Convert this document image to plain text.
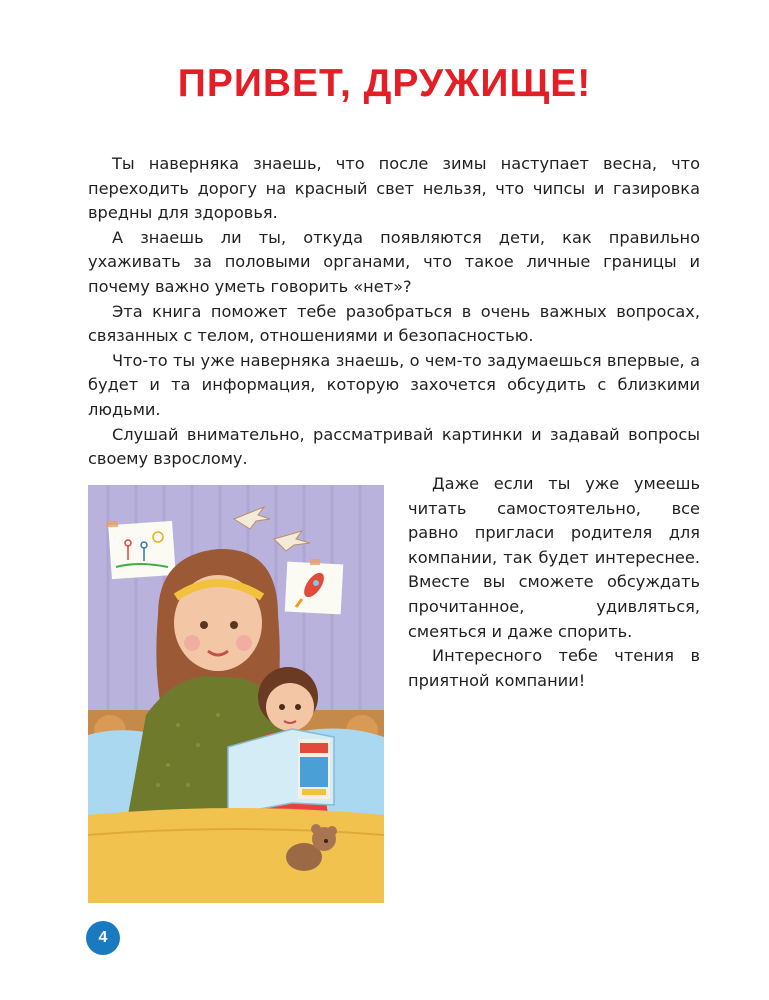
ПРИВЕТ, ДРУЖИЩЕ!

Ты наверняка знаешь, что после зимы наступает весна, что переходить дорогу на красный свет нельзя, что чипсы и газировка вредны для здоровья.

А знаешь ли ты, откуда появляются дети, как правильно ухаживать за половыми органами, что такое личные границы и почему важно уметь говорить «нет»?

Эта книга поможет тебе разобраться в очень важных вопросах, связанных с телом, отношениями и безопасностью.

Что-то ты уже наверняка знаешь, о чем-то задумаешься впервые, а будет и та информация, которую захочется обсудить с близкими людьми.

Слушай внимательно, рассматривай картинки и задавай вопросы своему взрослому.

Даже если ты уже умеешь читать самостоятельно, все равно пригласи родителя для компании, так будет интереснее. Вместе вы сможете обсуждать прочитанное, удивляться, смеяться и даже спорить.

Интересного тебе чтения в приятной компании!

4
